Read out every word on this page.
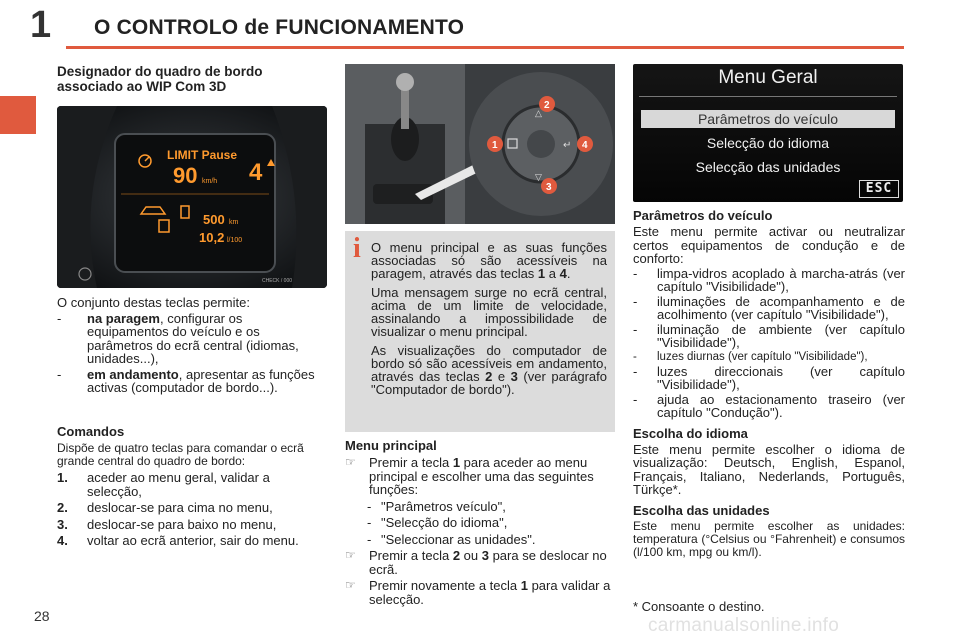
1 O CONTROLO de FUNCIONAMENTO
Designador do quadro de bordo associado ao WIP Com 3D
LIMIT Pause
90 km/h 4
500 km
10,2 l/100
CHECK / 000
O conjunto destas teclas permite:
- na paragem, configurar os equipamentos do veículo e os parâmetros do ecrã central (idiomas, unidades...),
- em andamento, apresentar as funções activas (computador de bordo...).
Comandos
Dispõe de quatro teclas para comandar o ecrã grande central do quadro de bordo:
1. aceder ao menu geral, validar a selecção,
2. deslocar-se para cima no menu,
3. deslocar-se para baixo no menu,
4. voltar ao ecrã anterior, sair do menu.
△
▽
↵
1
2
3
4
i O menu principal e as suas funções associadas só são acessíveis na paragem, através das teclas 1 a 4.

Uma mensagem surge no ecrã central, acima de um limite de velocidade, assinalando a impossibilidade de visualizar o menu principal.

As visualizações do computador de bordo só são acessíveis em andamento, através das teclas 2 e 3 (ver parágrafo "Computador de bordo").

Menu principal
☞ Premir a tecla 1 para aceder ao menu principal e escolher uma das seguintes funções:
- "Parâmetros veículo",
- "Selecção do idioma",
- "Seleccionar as unidades".
☞ Premir a tecla 2 ou 3 para se deslocar no ecrã.
☞ Premir novamente a tecla 1 para validar a selecção.
Menu Geral
Parâmetros do veículo
Selecção do idioma
Selecção das unidades
ESC
Parâmetros do veículo
Este menu permite activar ou neutralizar certos equipamentos de condução e de conforto:
- limpa-vidros acoplado à marcha-atrás (ver capítulo "Visibilidade"),
- iluminações de acompanhamento e de acolhimento (ver capítulo "Visibilidade"),
- iluminação de ambiente (ver capítulo "Visibilidade"),
- luzes diurnas (ver capítulo "Visibilidade"),
- luzes direccionais (ver capítulo "Visibilidade"),
- ajuda ao estacionamento traseiro (ver capítulo "Condução").
Escolha do idioma
Este menu permite escolher o idioma de visualização: Deutsch, English, Espanol, Français, Italiano, Nederlands, Português, Türkçe*.
Escolha das unidades
Este menu permite escolher as unidades: temperatura (°Celsius ou °Fahrenheit) e consumos (l/100 km, mpg ou km/l).
* Consoante o destino.
28	carmanualsonline.info
